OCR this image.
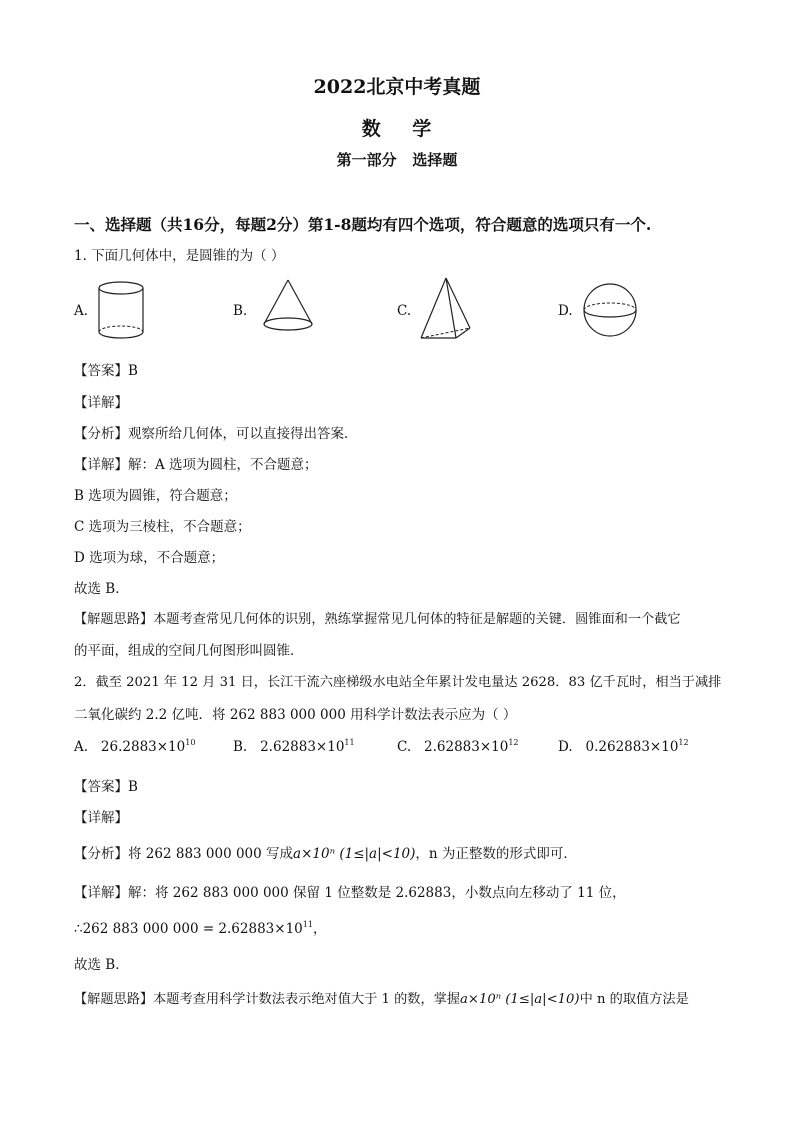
2022北京中考真题
数    学
第一部分   选择题
一、选择题（共16分，每题2分）第1-8题均有四个选项，符合题意的选项只有一个.
1. 下面几何体中，是圆锥的为（ ）
A.	B.	C.	D.
【答案】B
【详解】
【分析】观察所给几何体，可以直接得出答案．
【详解】解：A 选项为圆柱，不合题意；
B 选项为圆锥，符合题意；
C 选项为三棱柱，不合题意；
D 选项为球，不合题意；
故选 B．
【解题思路】本题考查常见几何体的识别，熟练掌握常见几何体的特征是解题的关键．圆锥面和一个截它
的平面，组成的空间几何图形叫圆锥．
2．截至 2021 年 12 月 31 日，长江干流六座梯级水电站全年累计发电量达 2628．83 亿千瓦时，相当于减排
二氧化碳约 2.2 亿吨．将 262 883 000 000 用科学计数法表示应为（ ）
A. $26.2883\times 10^{10}$	B. $2.62883\times 10^{11}$	C. $2.62883\times 10^{12}$	D. $0.262883\times 10^{12}$
【答案】B
【详解】
【分析】将 262 883 000 000 写成a×10ⁿ (1≤|a|<10)，n 为正整数的形式即可．
【详解】解：将 262 883 000 000 保留 1 位整数是 2.62883，小数点向左移动了 11 位，
∴262 883 000 $000 = 2.62883\times 10^{11}$，
故选 B．
【解题思路】本题考查用科学计数法表示绝对值大于 1 的数，掌握a×10ⁿ (1≤|a|<10)中 n 的取值方法是
